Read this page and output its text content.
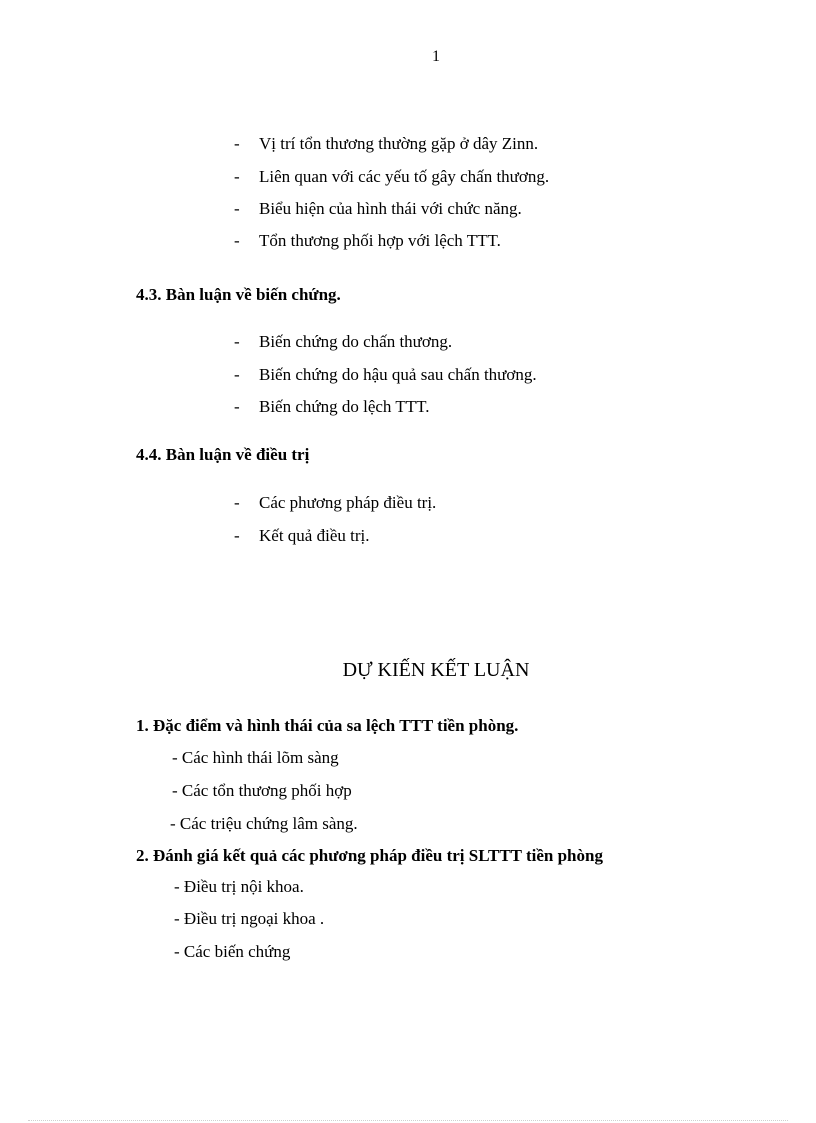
1
- Vị trí tổn thương thường gặp ở dây Zinn.
- Liên quan với các yếu tố gây chấn thương.
- Biểu hiện của hình thái với chức năng.
- Tổn thương phối hợp với lệch TTT.
4.3. Bàn luận về biến chứng.
- Biến chứng do chấn thương.
- Biến chứng do hậu quả sau chấn thương.
- Biến chứng do lệch TTT.
4.4. Bàn luận về điều trị
- Các phương pháp điều trị.
- Kết quả điều trị.
DỰ KIẾN KẾT LUẬN
1. Đặc điểm và hình thái của sa lệch TTT tiền phòng.
- Các hình thái lõm sàng
- Các tổn thương phối hợp
- Các triệu chứng lâm sàng.
2. Đánh giá kết quả các phương pháp điều trị SLTTT tiền phòng
- Điều trị nội khoa.
- Điều trị ngoại khoa .
- Các biến chứng
